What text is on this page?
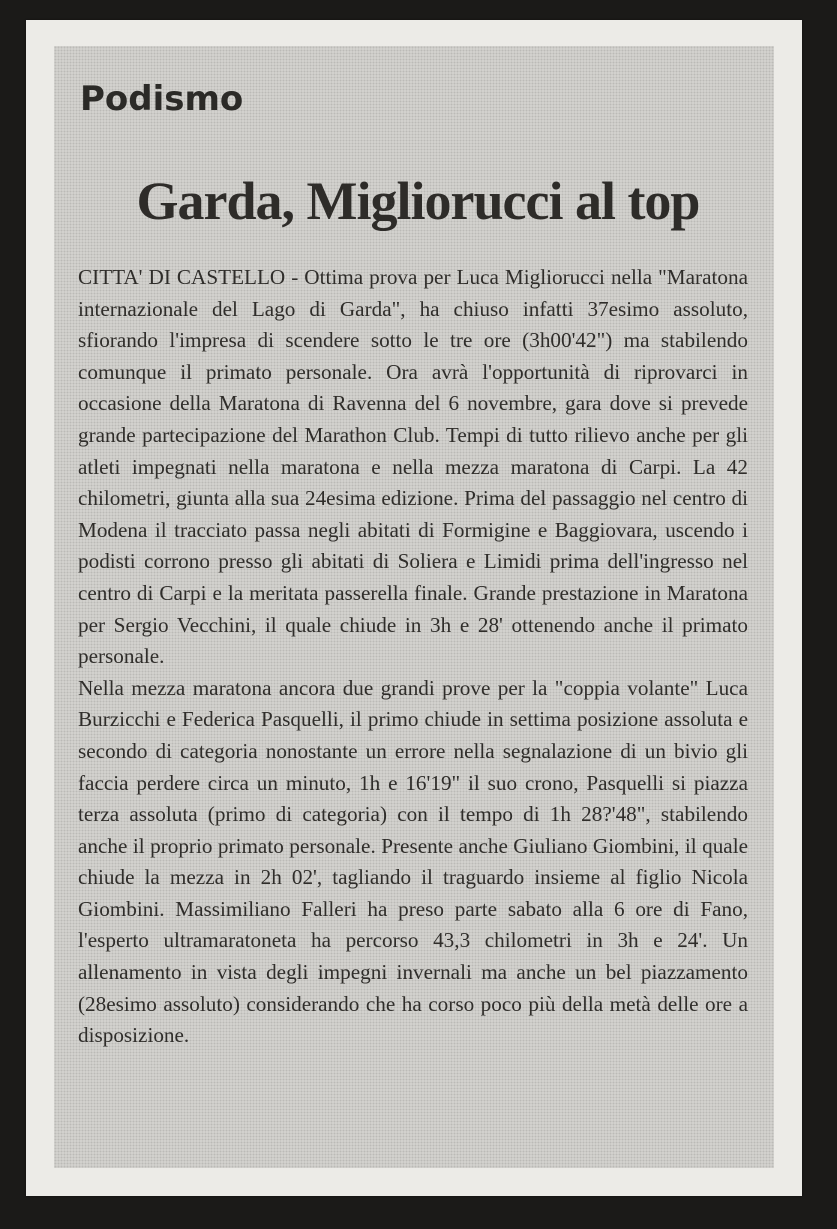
Podismo
Garda, Migliorucci al top

CITTA' DI CASTELLO - Ottima prova per Luca Migliorucci nella "Maratona internazionale del Lago di Garda", ha chiuso infatti 37esimo assoluto, sfiorando l'impresa di scendere sotto le tre ore (3h00'42") ma stabilendo comunque il primato personale. Ora avrà l'opportunità di riprovarci in occasione della Maratona di Ravenna del 6 novembre, gara dove si prevede grande partecipazione del Marathon Club. Tempi di tutto rilievo anche per gli atleti impegnati nella maratona e nella mezza maratona di Carpi. La 42 chilometri, giunta alla sua 24esima edizione. Prima del passaggio nel centro di Modena il tracciato passa negli abitati di Formigine e Baggiovara, uscendo i podisti corrono presso gli abitati di Soliera e Limidi prima dell'ingresso nel centro di Carpi e la meritata passerella finale. Grande prestazione in Maratona per Sergio Vecchini, il quale chiude in 3h e 28' ottenendo anche il primato personale.

Nella mezza maratona ancora due grandi prove per la "coppia volante" Luca Burzicchi e Federica Pasquelli, il primo chiude in settima posizione assoluta e secondo di categoria nonostante un errore nella segnalazione di un bivio gli faccia perdere circa un minuto, 1h e 16'19" il suo crono, Pasquelli si piazza terza assoluta (primo di categoria) con il tempo di 1h 28?'48", stabilendo anche il proprio primato personale. Presente anche Giuliano Giombini, il quale chiude la mezza in 2h 02', tagliando il traguardo insieme al figlio Nicola Giombini. Massimiliano Falleri ha preso parte sabato alla 6 ore di Fano, l'esperto ultramaratoneta ha percorso 43,3 chilometri in 3h e 24'. Un allenamento in vista degli impegni invernali ma anche un bel piazzamento (28esimo assoluto) considerando che ha corso poco più della metà delle ore a disposizione.
